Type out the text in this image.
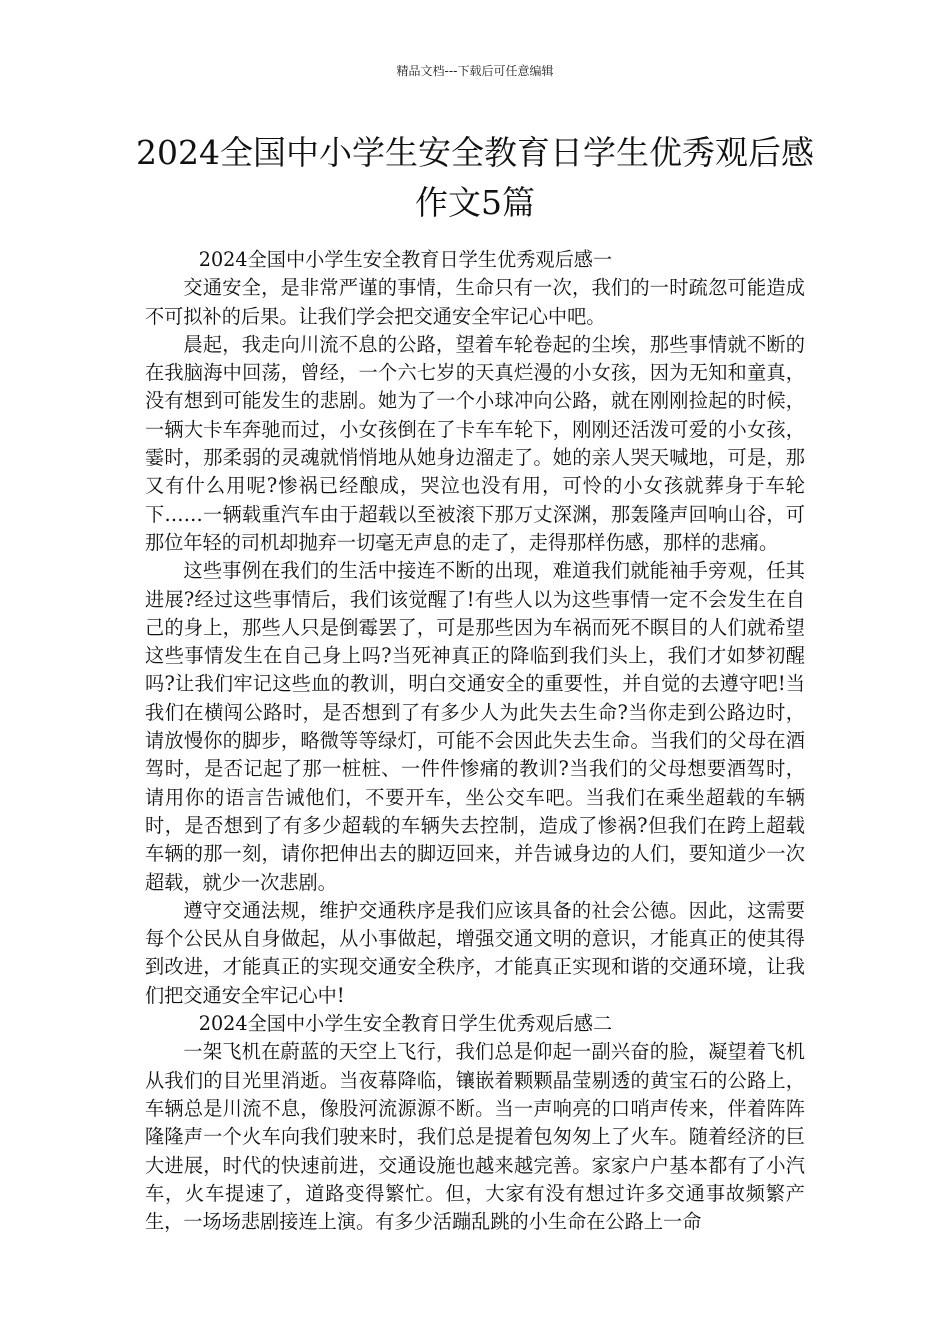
精品文档---下载后可任意编辑
2024全国中小学生安全教育日学生优秀观后感作文5篇

2024全国中小学生安全教育日学生优秀观后感一

交通安全，是非常严谨的事情，生命只有一次，我们的一时疏忽可能造成不可拟补的后果。让我们学会把交通安全牢记心中吧。

晨起，我走向川流不息的公路，望着车轮卷起的尘埃，那些事情就不断的在我脑海中回荡，曾经，一个六七岁的天真烂漫的小女孩，因为无知和童真，没有想到可能发生的悲剧。她为了一个小球冲向公路，就在刚刚捡起的时候，一辆大卡车奔驰而过，小女孩倒在了卡车车轮下，刚刚还活泼可爱的小女孩，霎时，那柔弱的灵魂就悄悄地从她身边溜走了。她的亲人哭天喊地，可是，那又有什么用呢?惨祸已经酿成，哭泣也没有用，可怜的小女孩就葬身于车轮下……一辆载重汽车由于超载以至被滚下那万丈深渊，那轰隆声回响山谷，可那位年轻的司机却抛弃一切毫无声息的走了，走得那样伤感，那样的悲痛。

这些事例在我们的生活中接连不断的出现，难道我们就能袖手旁观，任其进展?经过这些事情后，我们该觉醒了!有些人以为这些事情一定不会发生在自己的身上，那些人只是倒霉罢了，可是那些因为车祸而死不瞑目的人们就希望这些事情发生在自己身上吗?当死神真正的降临到我们头上，我们才如梦初醒吗?让我们牢记这些血的教训，明白交通安全的重要性，并自觉的去遵守吧!当我们在横闯公路时，是否想到了有多少人为此失去生命?当你走到公路边时，请放慢你的脚步，略微等等绿灯，可能不会因此失去生命。当我们的父母在酒驾时，是否记起了那一桩桩、一件件惨痛的教训?当我们的父母想要酒驾时，请用你的语言告诫他们，不要开车，坐公交车吧。当我们在乘坐超载的车辆时，是否想到了有多少超载的车辆失去控制，造成了惨祸?但我们在跨上超载车辆的那一刻，请你把伸出去的脚迈回来，并告诫身边的人们，要知道少一次超载，就少一次悲剧。

遵守交通法规，维护交通秩序是我们应该具备的社会公德。因此，这需要每个公民从自身做起，从小事做起，增强交通文明的意识，才能真正的使其得到改进，才能真正的实现交通安全秩序，才能真正实现和谐的交通环境，让我们把交通安全牢记心中!

2024全国中小学生安全教育日学生优秀观后感二

一架飞机在蔚蓝的天空上飞行，我们总是仰起一副兴奋的脸，凝望着飞机从我们的目光里消逝。当夜幕降临，镶嵌着颗颗晶莹剔透的黄宝石的公路上，车辆总是川流不息，像股河流源源不断。当一声响亮的口哨声传来，伴着阵阵隆隆声一个火车向我们驶来时，我们总是提着包匆匆上了火车。随着经济的巨大进展，时代的快速前进，交通设施也越来越完善。家家户户基本都有了小汽车，火车提速了，道路变得繁忙。但，大家有没有想过许多交通事故频繁产生，一场场悲剧接连上演。有多少活蹦乱跳的小生命在公路上一命
